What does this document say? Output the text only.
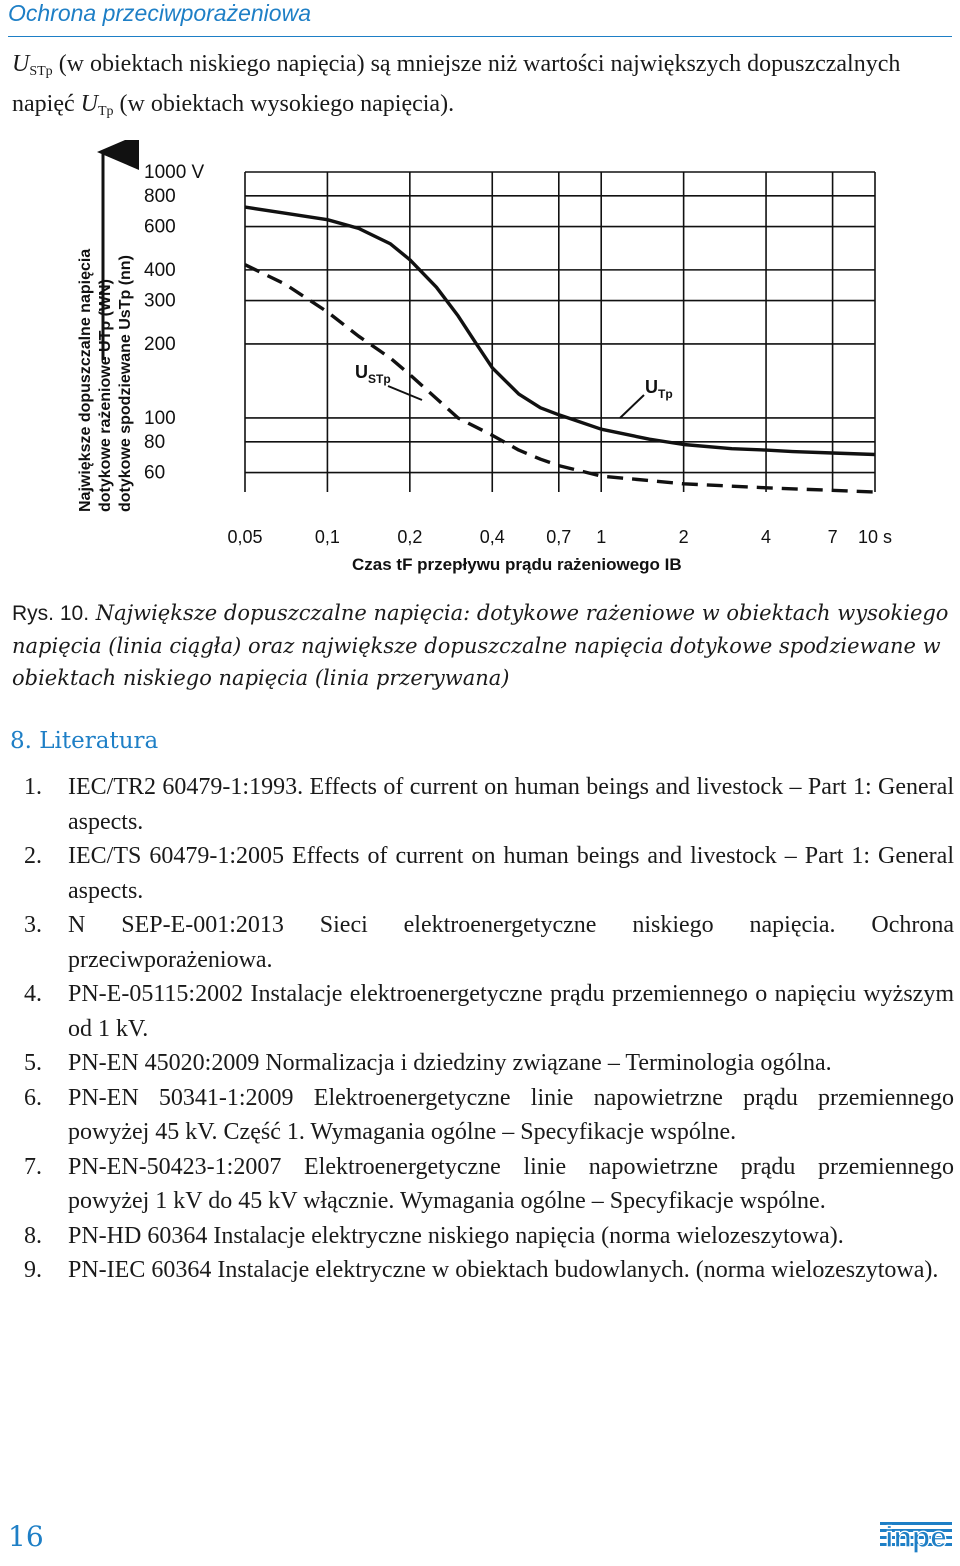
Ochrona przeciwporażeniowa
$U_{STp}$ (w obiektach niskiego napięcia) są mniejsze niż wartości największych dopuszczalnych napięć $U_{Tp}$ (w obiektach wysokiego napięcia).
1000 V
800
600
400
300
200
100
80
60
0,05	0,1	0,2	0,4 0,7 1	2	4	7 10 s
$U_{STp}$	$U_{Tp}$
Największe dopuszczalne napięcia dotykowe rażeniowe UTp (WN) dotykowe spodziewane UsTp (nn)
Czas tF przepływu prądu rażeniowego IB
Rys. 10. Największe dopuszczalne napięcia: dotykowe rażeniowe w obiektach wysokiego napięcia (linia ciągła) oraz największe dopuszczalne napięcia dotykowe spodziewane w obiektach niskiego napięcia (linia przerywana)
8. Literatura
1. IEC/TR2 60479-1:1993. Effects of current on human beings and livestock – Part 1: General aspects.
2. IEC/TS 60479-1:2005 Effects of current on human beings and livestock – Part 1: General aspects.
3. N SEP-E-001:2013 Sieci elektroenergetyczne niskiego napięcia. Ochrona przeciwporażeniowa.
4. PN-E-05115:2002 Instalacje elektroenergetyczne prądu przemiennego o napięciu wyższym od 1 kV.
5. PN-EN 45020:2009 Normalizacja i dziedziny związane – Terminologia ogólna.
6. PN-EN 50341-1:2009 Elektroenergetyczne linie napowietrzne prądu przemiennego powyżej 45 kV. Część 1. Wymagania ogólne – Specyfikacje wspólne.
7. PN-EN-50423-1:2007 Elektroenergetyczne linie napowietrzne prądu przemiennego powyżej 1 kV do 45 kV włącznie. Wymagania ogólne – Specyfikacje wspólne.
8. PN-HD 60364 Instalacje elektryczne niskiego napięcia (norma wielozeszytowa).
9. PN-IEC 60364 Instalacje elektryczne w obiektach budowlanych. (norma wielozeszytowa).
16	inpe
